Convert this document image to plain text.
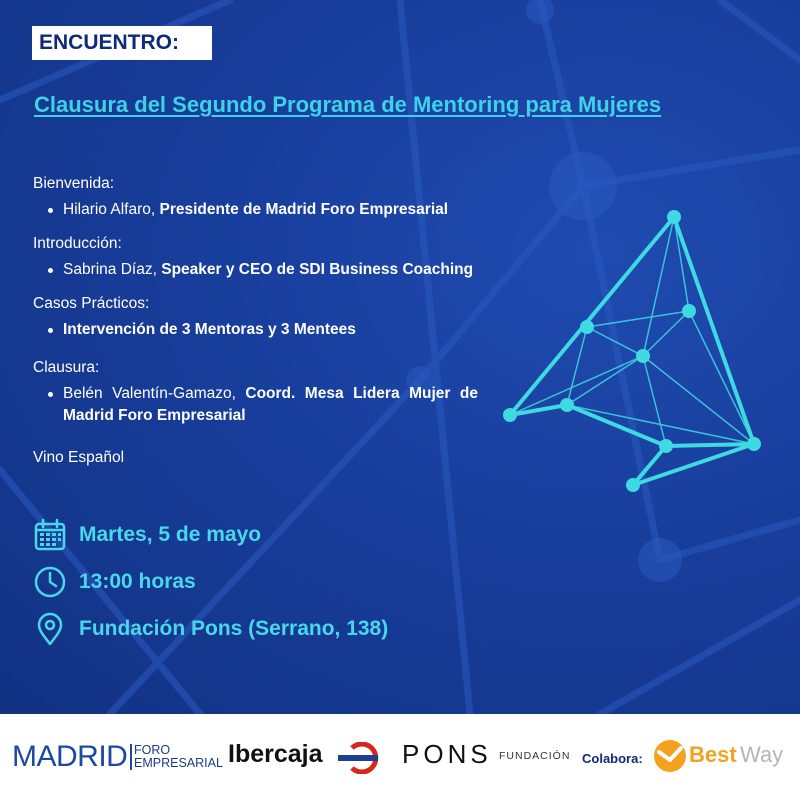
ENCUENTRO:
Clausura del Segundo Programa de Mentoring para Mujeres
Bienvenida:
Hilario Alfaro, Presidente de Madrid Foro Empresarial
Introducción:
Sabrina Díaz, Speaker y CEO de SDI Business Coaching
Casos Prácticos:
Intervención de 3 Mentoras y 3 Mentees
Clausura:
Belén Valentín-Gamazo, Coord. Mesa Lidera Mujer de Madrid Foro Empresarial
Vino Español
Martes, 5 de mayo
13:00 horas
Fundación Pons (Serrano, 138)
MADRID FORO
EMPRESARIAL Ibercaja	PONS FUNDACIÓN Colabora: Best Way
